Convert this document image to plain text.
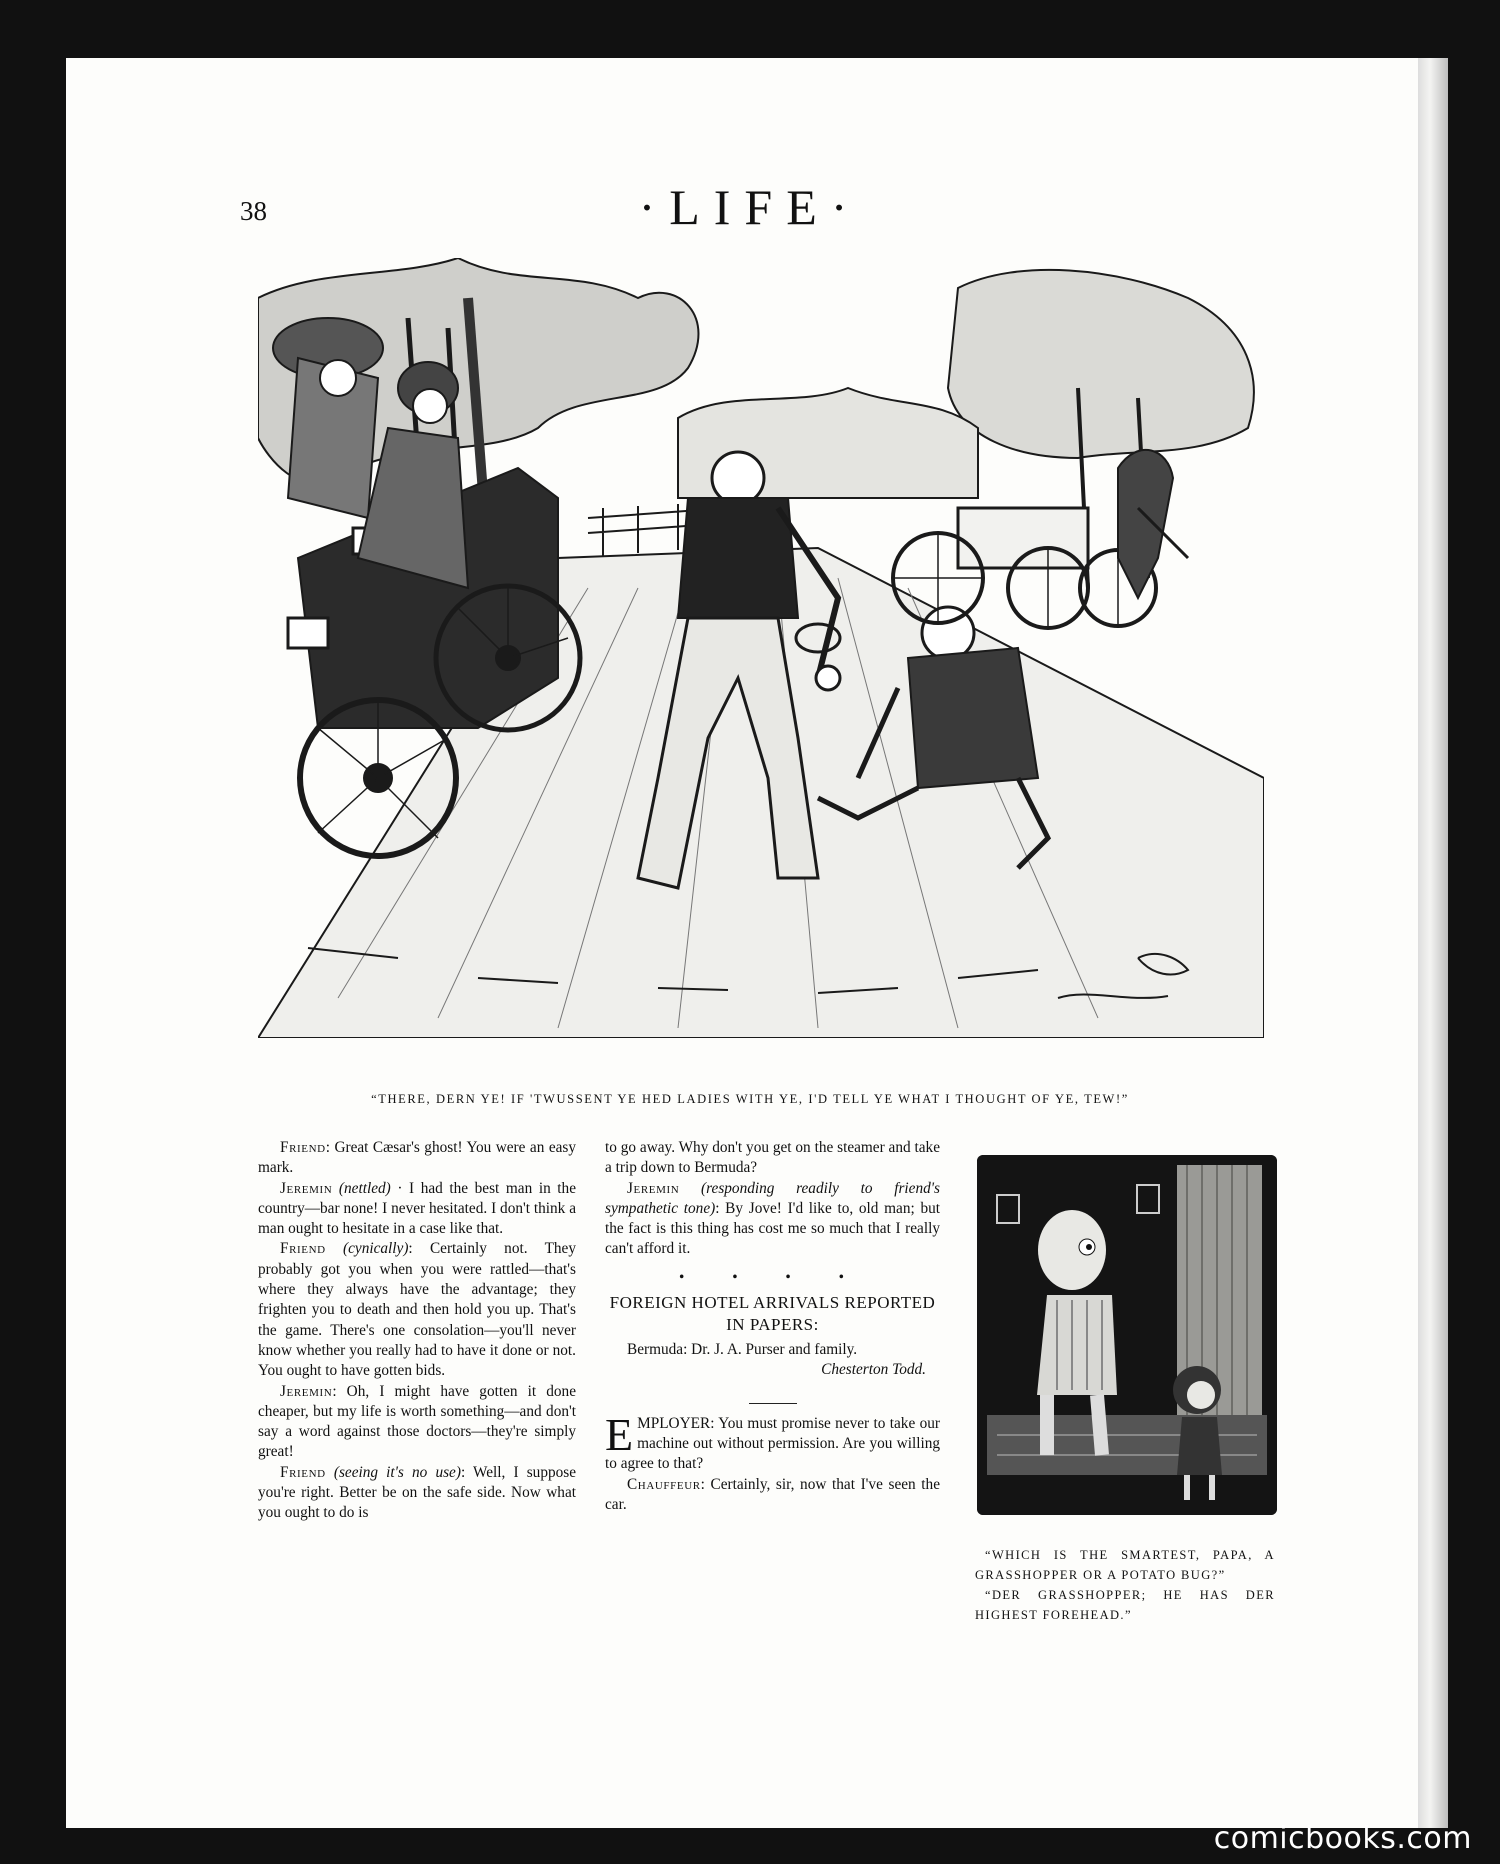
38	·LIFE·
“THERE, DERN YE! IF 'TWUSSENT YE HED LADIES WITH YE, I'D TELL YE WHAT I THOUGHT OF YE, TEW!”

Friend: Great Cæsar's ghost! You were an easy mark.

Jeremin (nettled) · I had the best man in the country—bar none! I never hesitated. I don't think a man ought to hesitate in a case like that.

Friend (cynically): Certainly not. They probably got you when you were rattled—that's where they always have the advantage; they frighten you to death and then hold you up. That's the game. There's one consolation—you'll never know whether you really had to have it done or not. You ought to have gotten bids.

Jeremin: Oh, I might have gotten it done cheaper, but my life is worth something—and don't say a word against those doctors—they're simply great!

Friend (seeing it's no use): Well, I suppose you're right. Better be on the safe side. Now what you ought to do is

to go away. Why don't you get on the steamer and take a trip down to Bermuda?

Jeremin (responding readily to friend's sympathetic tone): By Jove! I'd like to, old man; but the fact is this thing has cost me so much that I really can't afford it.

• • • •
FOREIGN HOTEL ARRIVALS REPORTED IN PAPERS:

Bermuda: Dr. J. A. Purser and family.

Chesterton Todd.

EMPLOYER: You must promise never to take our machine out without permission. Are you willing to agree to that?

Chauffeur: Certainly, sir, now that I've seen the car.

“WHICH IS THE SMARTEST, PAPA, A GRASSHOPPER OR A POTATO BUG?”

“DER GRASSHOPPER; HE HAS DER HIGHEST FOREHEAD.”

comicbooks.com
